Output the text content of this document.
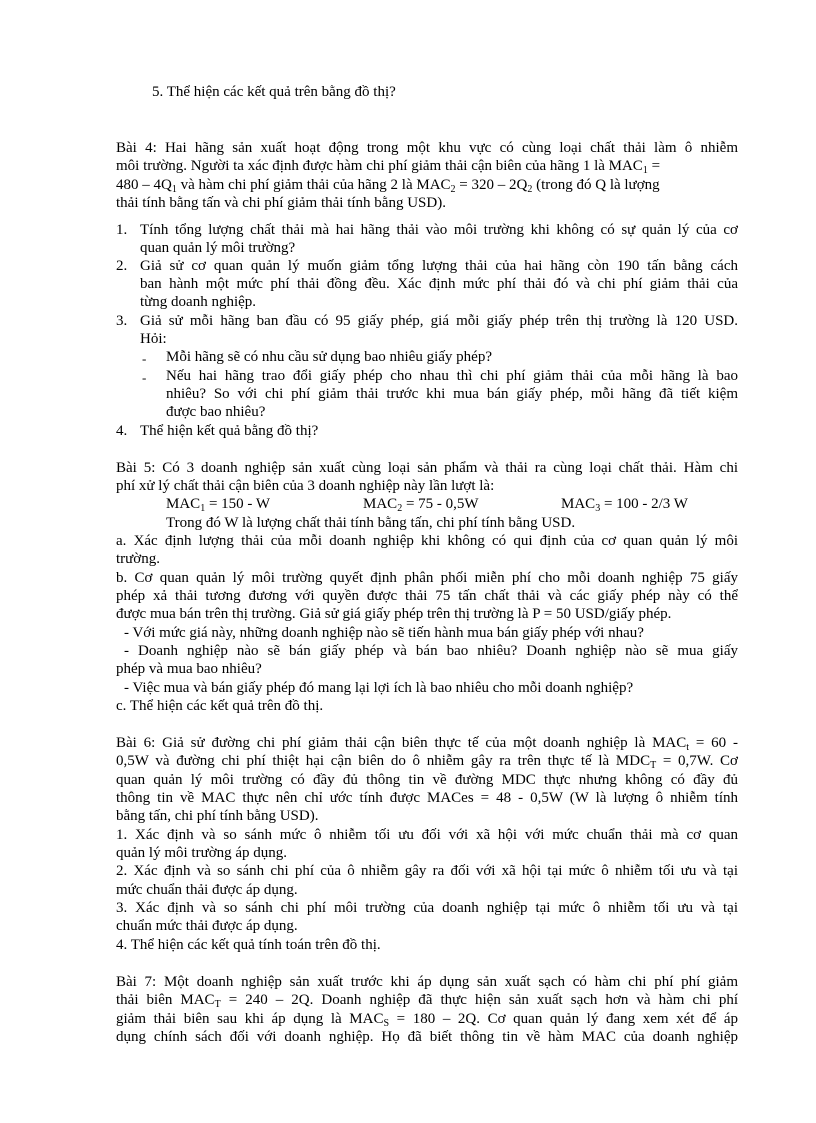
5. Thể hiện các kết quả trên bằng đồ thị?
Bài 4: Hai hãng sản xuất hoạt động trong một khu vực có cùng loại chất thải làm ô nhiễm
môi trường. Người ta xác định được hàm chi phí giảm thải cận biên của hãng 1 là $MAC_1$ =
$480 - 4Q_1$ và hàm chi phí giảm thải của hãng 2 là $MAC_2 = 320 - 2Q_2$ (trong đó Q là lượng
thải tính bằng tấn và chi phí giảm thải tính bằng USD).
1. Tính tổng lượng chất thải mà hai hãng thải vào môi trường khi không có sự quản lý của cơ
quan quản lý môi trường?
2. Giả sử cơ quan quản lý muốn giảm tổng lượng thải của hai hãng còn 190 tấn bằng cách
ban hành một mức phí thải đồng đều. Xác định mức phí thải đó và chi phí giảm thải của
từng doanh nghiệp.
3. Giả sử mỗi hãng ban đầu có 95 giấy phép, giá mỗi giấy phép trên thị trường là 120 USD.
Hỏi:
- Mỗi hãng sẽ có nhu cầu sử dụng bao nhiêu giấy phép?
- Nếu hai hãng trao đổi giấy phép cho nhau thì chi phí giảm thải của mỗi hãng là bao
nhiêu? So với chi phí giảm thải trước khi mua bán giấy phép, mỗi hãng đã tiết kiệm
được bao nhiêu?
4. Thể hiện kết quả bằng đồ thị?
Bài 5: Có 3 doanh nghiệp sản xuất cùng loại sản phẩm và thải ra cùng loại chất thải. Hàm chi
phí xử lý chất thải cận biên của 3 doanh nghiệp này lần lượt là:
$MAC_1 = 150 - W$	$MAC_2 = 75 - 0,5W$	$MAC_3 = 100 - 2/3$ W
Trong đó W là lượng chất thải tính bằng tấn, chi phí tính bằng USD.
a. Xác định lượng thải của mỗi doanh nghiệp khi không có qui định của cơ quan quản lý môi
trường.
b. Cơ quan quản lý môi trường quyết định phân phối miễn phí cho mỗi doanh nghiệp 75 giấy
phép xả thải tương đương với quyền được thải 75 tấn chất thải và các giấy phép này có thể
được mua bán trên thị trường. Giả sử giá giấy phép trên thị trường là P = 50 USD/giấy phép.
- Với mức giá này, những doanh nghiệp nào sẽ tiến hành mua bán giấy phép với nhau?
- Doanh nghiệp nào sẽ bán giấy phép và bán bao nhiêu? Doanh nghiệp nào sẽ mua giấy
phép và mua bao nhiêu?
- Việc mua và bán giấy phép đó mang lại lợi ích là bao nhiêu cho mỗi doanh nghiệp?
c. Thể hiện các kết quả trên đồ thị.
Bài 6: Giả sử đường chi phí giảm thải cận biên thực tế của một doanh nghiệp là $MAC_t = 60$ -
0,5W và đường chi phí thiệt hại cận biên do ô nhiễm gây ra trên thực tế là $MDC_T = 0,7W$. Cơ
quan quản lý môi trường có đầy đủ thông tin về đường MDC thực nhưng không có đầy đủ
thông tin về MAC thực nên chỉ ước tính được MACes = 48 - 0,5W (W là lượng ô nhiễm tính
bằng tấn, chi phí tính bằng USD).
1. Xác định và so sánh mức ô nhiễm tối ưu đối với xã hội với mức chuẩn thải mà cơ quan
quản lý môi trường áp dụng.
2. Xác định và so sánh chi phí của ô nhiễm gây ra đối với xã hội tại mức ô nhiễm tối ưu và tại
mức chuẩn thải được áp dụng.
3. Xác định và so sánh chi phí môi trường của doanh nghiệp tại mức ô nhiễm tối ưu và tại
chuẩn mức thải được áp dụng.
4. Thể hiện các kết quả tính toán trên đồ thị.
Bài 7: Một doanh nghiệp sản xuất trước khi áp dụng sản xuất sạch có hàm chi phí phí giảm
thải biên $MAC_T = 240 - 2Q$. Doanh nghiệp đã thực hiện sản xuất sạch hơn và hàm chi phí
giảm thải biên sau khi áp dụng là $MAC_S = 180 - 2Q$. Cơ quan quản lý đang xem xét để áp
dụng chính sách đối với doanh nghiệp. Họ đã biết thông tin về hàm MAC của doanh nghiệp
